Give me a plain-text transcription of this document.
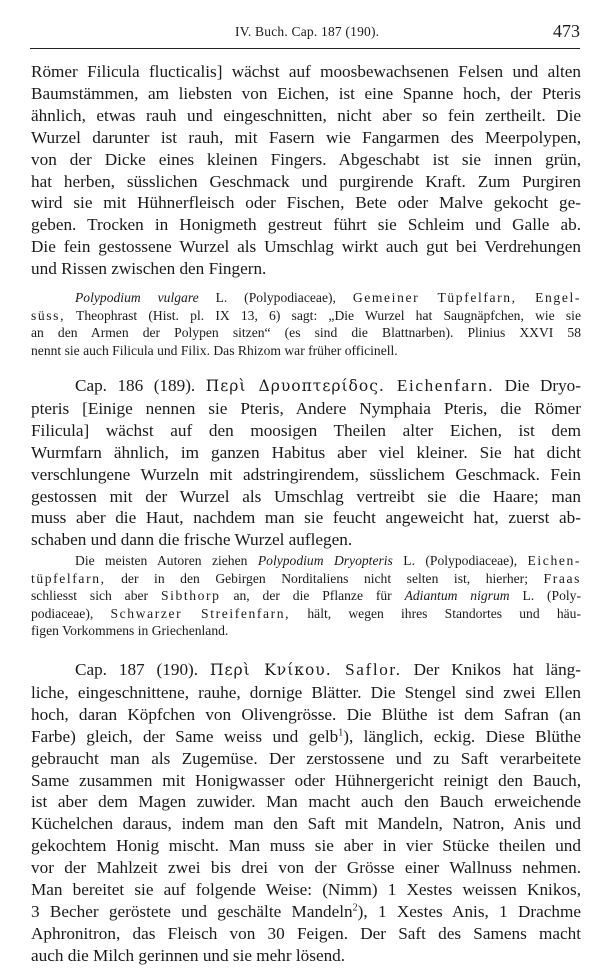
IV. Buch. Cap. 187 (190).	473
Römer Filicula flucticalis] wächst auf moosbewachsenen Felsen und alten
Baumstämmen, am liebsten von Eichen, ist eine Spanne hoch, der Pteris
ähnlich, etwas rauh und eingeschnitten, nicht aber so fein zertheilt. Die
Wurzel darunter ist rauh, mit Fasern wie Fangarmen des Meerpolypen,
von der Dicke eines kleinen Fingers. Abgeschabt ist sie innen grün,
hat herben, süsslichen Geschmack und purgirende Kraft. Zum Purgiren
wird sie mit Hühnerfleisch oder Fischen, Bete oder Malve gekocht ge-
geben. Trocken in Honigmeth gestreut führt sie Schleim und Galle ab.
Die fein gestossene Wurzel als Umschlag wirkt auch gut bei Verdrehungen
und Rissen zwischen den Fingern.
Polypodium vulgare L. (Polypodiaceae), Gemeiner Tüpfelfarn, Engel-
süss, Theophrast (Hist. pl. IX 13, 6) sagt: „Die Wurzel hat Saugnäpfchen, wie sie
an den Armen der Polypen sitzen“ (es sind die Blattnarben). Plinius XXVI 58
nennt sie auch Filicula und Filix. Das Rhizom war früher officinell.
Cap. 186 (189). Περὶ Δρυοπτερίδος. Eichenfarn. Die Dryo-
pteris [Einige nennen sie Pteris, Andere Nymphaia Pteris, die Römer
Filicula] wächst auf den moosigen Theilen alter Eichen, ist dem
Wurmfarn ähnlich, im ganzen Habitus aber viel kleiner. Sie hat dicht
verschlungene Wurzeln mit adstringirendem, süsslichem Geschmack. Fein
gestossen mit der Wurzel als Umschlag vertreibt sie die Haare; man
muss aber die Haut, nachdem man sie feucht angeweicht hat, zuerst ab-
schaben und dann die frische Wurzel auflegen.
Die meisten Autoren ziehen Polypodium Dryopteris L. (Polypodiaceae), Eichen-
tüpfelfarn, der in den Gebirgen Norditaliens nicht selten ist, hierher; Fraas
schliesst sich aber Sibthorp an, der die Pflanze für Adiantum nigrum L. (Poly-
podiaceae), Schwarzer Streifenfarn, hält, wegen ihres Standortes und häu-
figen Vorkommens in Griechenland.
Cap. 187 (190). Περὶ Κνίκου. Saflor. Der Knikos hat läng-
liche, eingeschnittene, rauhe, dornige Blätter. Die Stengel sind zwei Ellen
hoch, daran Köpfchen von Olivengrösse. Die Blüthe ist dem Safran (an
Farbe) gleich, der Same weiss und gelb$^1$), länglich, eckig. Diese Blüthe
gebraucht man als Zugemüse. Der zerstossene und zu Saft verarbeitete
Same zusammen mit Honigwasser oder Hühnergericht reinigt den Bauch,
ist aber dem Magen zuwider. Man macht auch den Bauch erweichende
Küchelchen daraus, indem man den Saft mit Mandeln, Natron, Anis und
gekochtem Honig mischt. Man muss sie aber in vier Stücke theilen und
vor der Mahlzeit zwei bis drei von der Grösse einer Wallnuss nehmen.
Man bereitet sie auf folgende Weise: (Nimm) 1 Xestes weissen Knikos,
3 Becher geröstete und geschälte Mandeln$^2$), 1 Xestes Anis, 1 Drachme
Aphronitron, das Fleisch von 30 Feigen. Der Saft des Samens macht
auch die Milch gerinnen und sie mehr lösend.
